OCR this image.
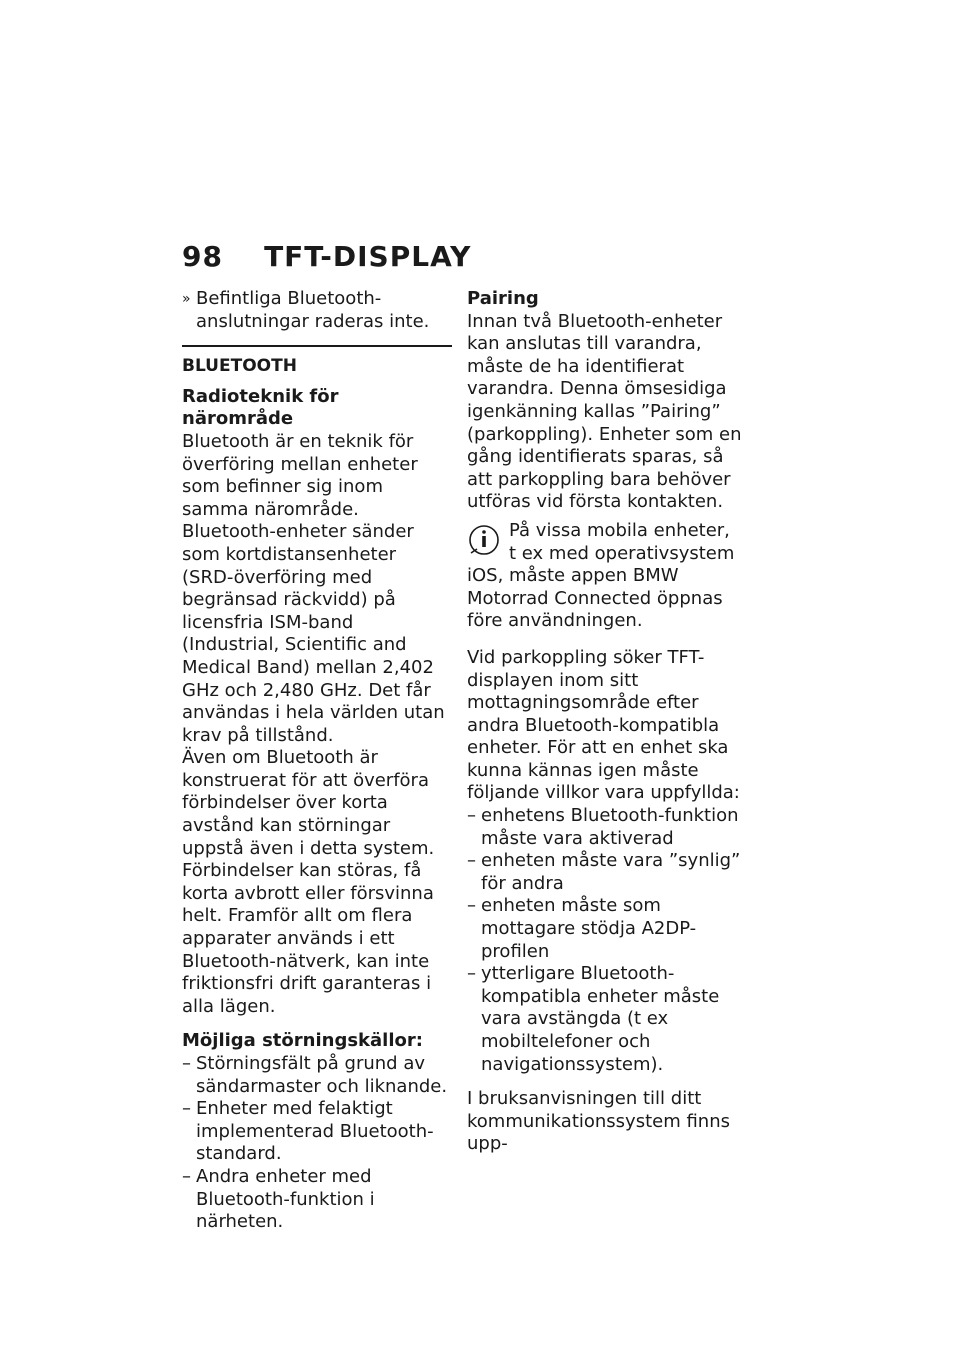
98 TFT-DISPLAY
» Befintliga Bluetooth-anslutningar raderas inte.
BLUETOOTH
Radioteknik för närområde

Bluetooth är en teknik för överföring mellan enheter som befinner sig inom samma närområde. Bluetooth-enheter sänder som kortdistansenheter (SRD-överföring med begränsad räckvidd) på licensfria ISM-band (Industrial, Scientific and Medical Band) mellan 2,402 GHz och 2,480 GHz. Det får användas i hela världen utan krav på tillstånd.

Även om Bluetooth är konstruerat för att överföra förbindelser över korta avstånd kan störningar uppstå även i detta system. Förbindelser kan störas, få korta avbrott eller försvinna helt. Framför allt om flera apparater används i ett Bluetooth-nätverk, kan inte friktionsfri drift garanteras i alla lägen.

Möjliga störningskällor:
– Störningsfält på grund av sändarmaster och liknande.
– Enheter med felaktigt implementerad Bluetooth-standard.
– Andra enheter med Bluetooth-funktion i närheten.
Pairing

Innan två Bluetooth-enheter kan anslutas till varandra, måste de ha identifierat varandra. Denna ömsesidiga igenkänning kallas ”Pairing” (parkoppling). Enheter som en gång identifierats sparas, så att parkoppling bara behöver utföras vid första kontakten.

På vissa mobila enheter, t ex med operativsystem iOS, måste appen BMW Motorrad Connected öppnas före användningen.

Vid parkoppling söker TFT-displayen inom sitt mottagningsområde efter andra Bluetooth-kompatibla enheter. För att en enhet ska kunna kännas igen måste följande villkor vara uppfyllda:

– enhetens Bluetooth-funktion måste vara aktiverad
– enheten måste vara ”synlig” för andra
– enheten måste som mottagare stödja A2DP-profilen
– ytterligare Bluetooth-kompatibla enheter måste vara avstängda (t ex mobiltelefoner och navigationssystem).

I bruksanvisningen till ditt kommunikationssystem finns upp-
